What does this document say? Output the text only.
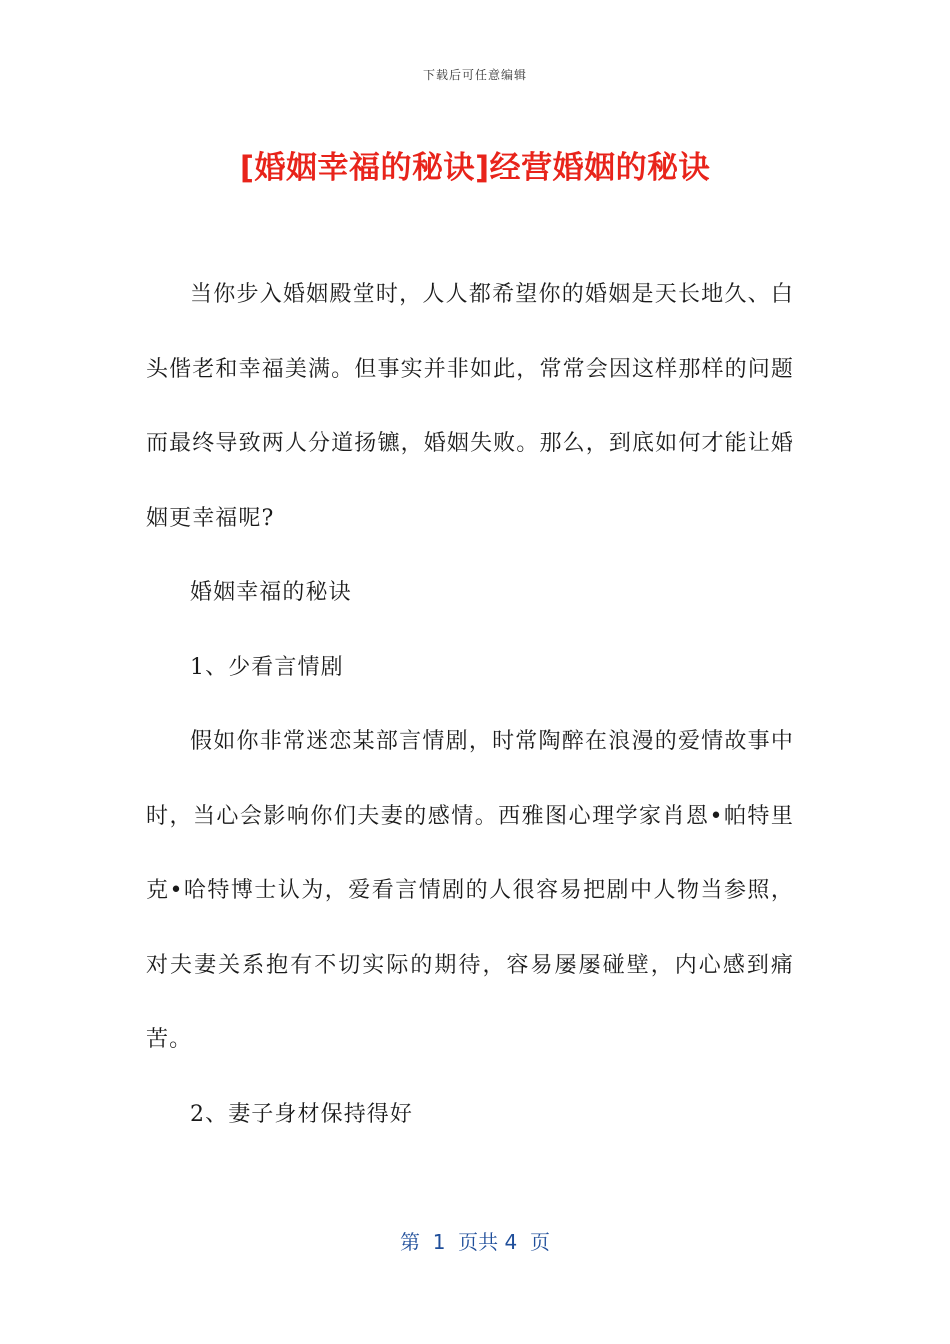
下载后可任意编辑
[婚姻幸福的秘诀]经营婚姻的秘诀

当你步入婚姻殿堂时，人人都希望你的婚姻是天长地久、白头偕老和幸福美满。但事实并非如此，常常会因这样那样的问题而最终导致两人分道扬镳，婚姻失败。那么，到底如何才能让婚姻更幸福呢?

婚姻幸福的秘诀

1、少看言情剧

假如你非常迷恋某部言情剧，时常陶醉在浪漫的爱情故事中时，当心会影响你们夫妻的感情。西雅图心理学家肖恩•帕特里克•哈特博士认为，爱看言情剧的人很容易把剧中人物当参照，对夫妻关系抱有不切实际的期待，容易屡屡碰壁，内心感到痛苦。

2、妻子身材保持得好

第  1  页共 4  页
